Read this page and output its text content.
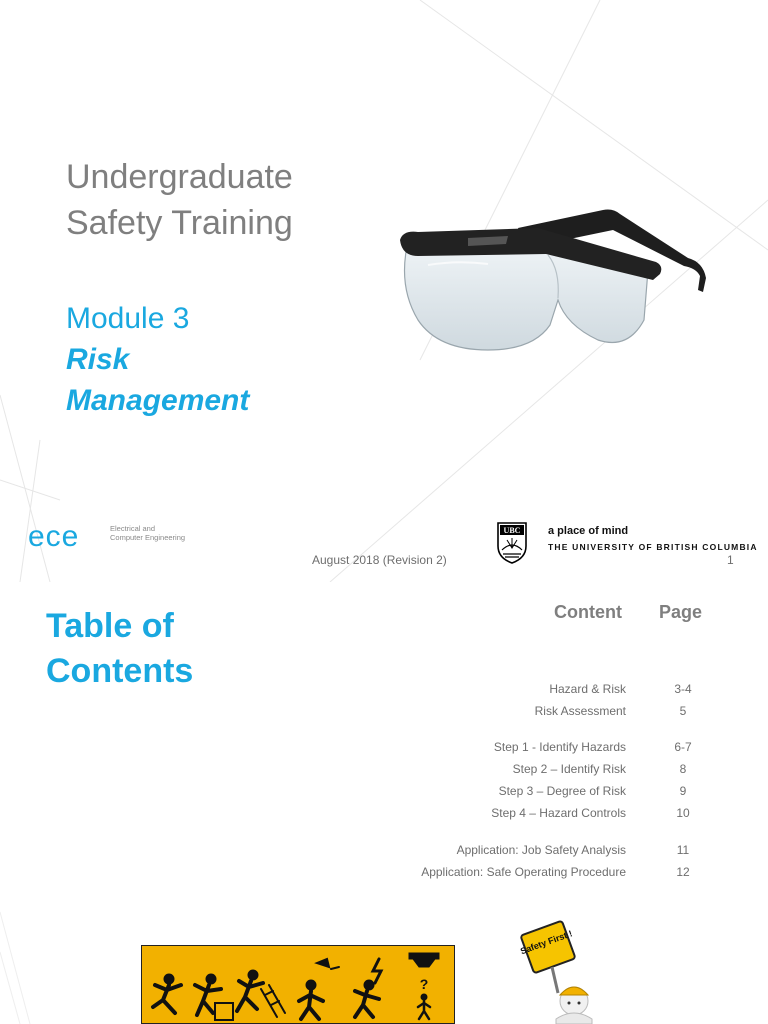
Undergraduate
Safety Training
Module 3
Risk
Management
ece	Electrical and Computer Engineering
August 2018 (Revision 2)
UBC	a place of mind
THE UNIVERSITY OF BRITISH COLUMBIA
1
Table of
Contents
Content Page
Hazard & Risk	3-4
Risk Assessment	5
Step 1 - Identify Hazards	6-7
Step 2 – Identify Risk	8
Step 3 – Degree of Risk	9
Step 4 – Hazard Controls	10
Application: Job Safety Analysis	11
Application: Safe Operating Procedure	12
?
Safety First !
